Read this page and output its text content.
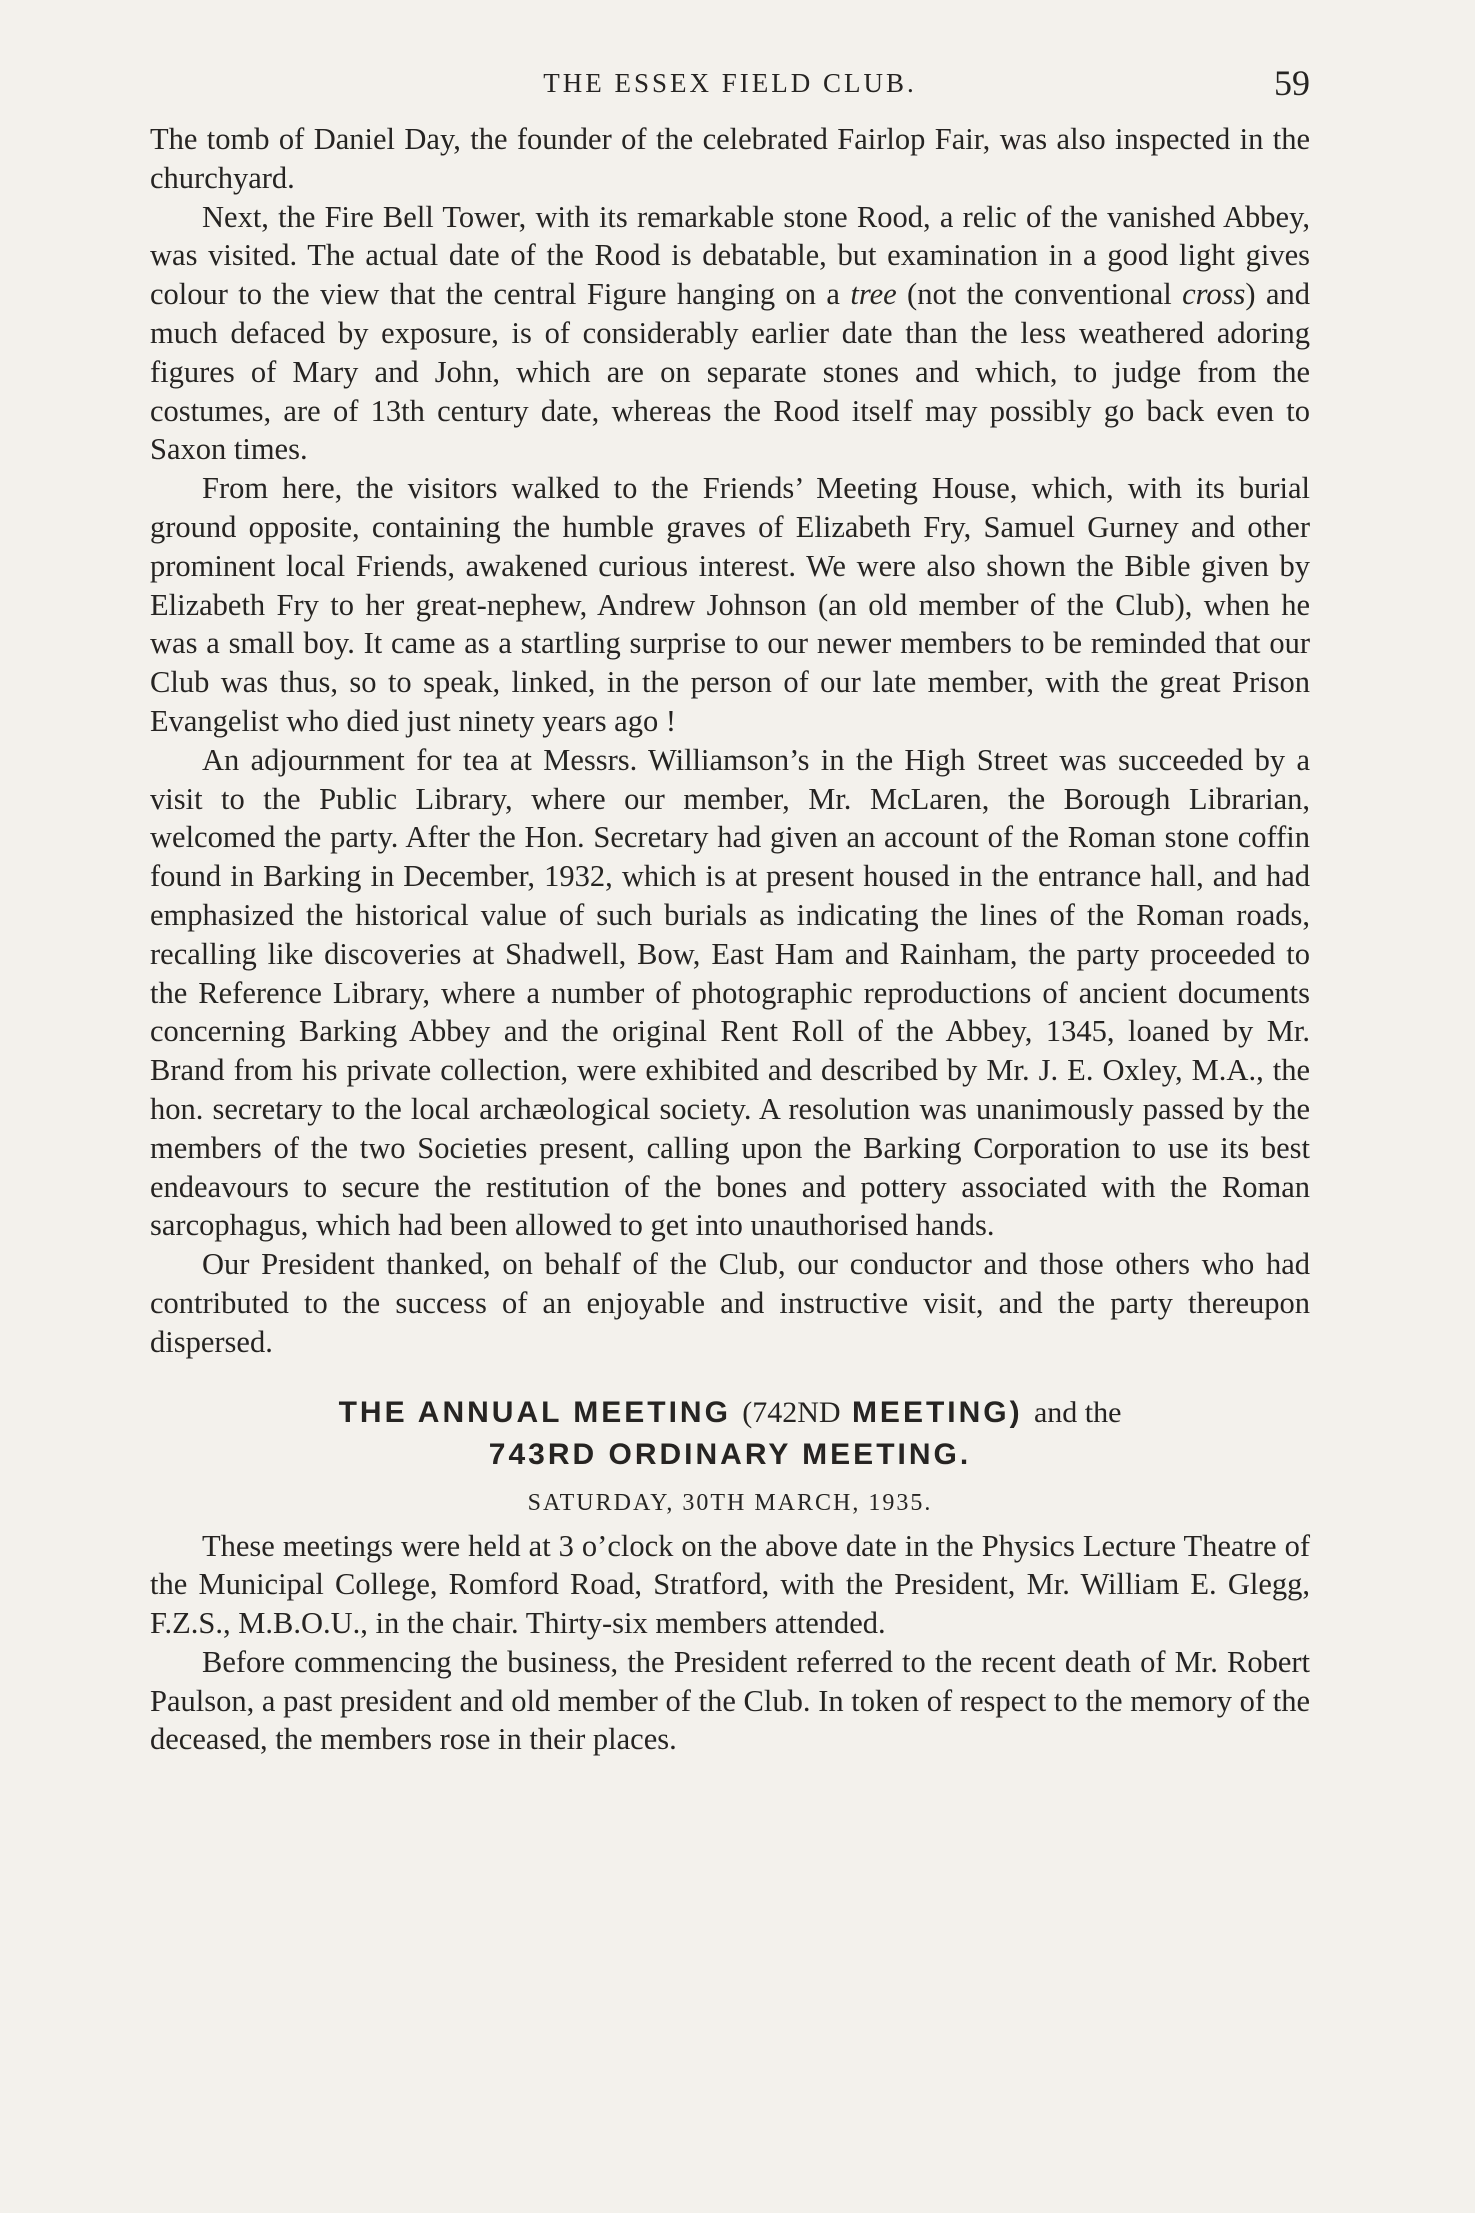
THE ESSEX FIELD CLUB.	59

The tomb of Daniel Day, the founder of the celebrated Fairlop Fair, was also inspected in the churchyard.

Next, the Fire Bell Tower, with its remarkable stone Rood, a relic of the vanished Abbey, was visited. The actual date of the Rood is debatable, but examination in a good light gives colour to the view that the central Figure hanging on a tree (not the conventional cross) and much defaced by exposure, is of considerably earlier date than the less weathered adoring figures of Mary and John, which are on separate stones and which, to judge from the costumes, are of 13th century date, whereas the Rood itself may possibly go back even to Saxon times.

From here, the visitors walked to the Friends’ Meeting House, which, with its burial ground opposite, containing the humble graves of Elizabeth Fry, Samuel Gurney and other prominent local Friends, awakened curious interest. We were also shown the Bible given by Elizabeth Fry to her great-nephew, Andrew Johnson (an old member of the Club), when he was a small boy. It came as a startling surprise to our newer members to be reminded that our Club was thus, so to speak, linked, in the person of our late member, with the great Prison Evangelist who died just ninety years ago !

An adjournment for tea at Messrs. Williamson’s in the High Street was succeeded by a visit to the Public Library, where our member, Mr. McLaren, the Borough Librarian, welcomed the party. After the Hon. Secretary had given an account of the Roman stone coffin found in Barking in December, 1932, which is at present housed in the entrance hall, and had emphasized the historical value of such burials as indicating the lines of the Roman roads, recalling like discoveries at Shadwell, Bow, East Ham and Rainham, the party proceeded to the Reference Library, where a number of photographic reproductions of ancient documents concerning Barking Abbey and the original Rent Roll of the Abbey, 1345, loaned by Mr. Brand from his private collection, were exhibited and described by Mr. J. E. Oxley, M.A., the hon. secretary to the local archæological society. A resolution was unanimously passed by the members of the two Societies present, calling upon the Barking Corporation to use its best endeavours to secure the restitution of the bones and pottery associated with the Roman sarcophagus, which had been allowed to get into unauthorised hands.

Our President thanked, on behalf of the Club, our conductor and those others who had contributed to the success of an enjoyable and instructive visit, and the party thereupon dispersed.

THE ANNUAL MEETING (742ND MEETING) and the
743RD ORDINARY MEETING.
SATURDAY, 30TH MARCH, 1935.

These meetings were held at 3 o’clock on the above date in the Physics Lecture Theatre of the Municipal College, Romford Road, Stratford, with the President, Mr. William E. Glegg, F.Z.S., M.B.O.U., in the chair. Thirty-six members attended.

Before commencing the business, the President referred to the recent death of Mr. Robert Paulson, a past president and old member of the Club. In token of respect to the memory of the deceased, the members rose in their places.
